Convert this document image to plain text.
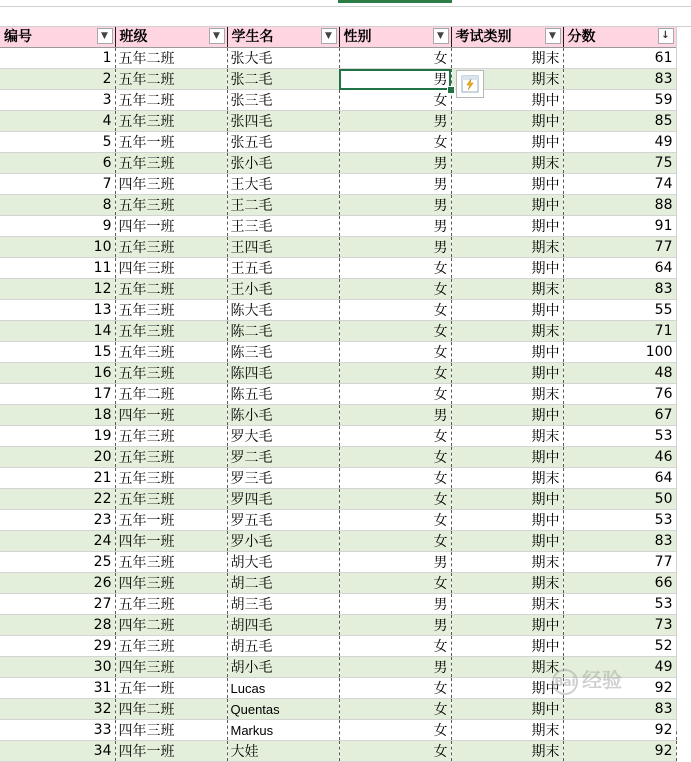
编号 ▼	班级 ▼	学生名 ▼	性别 ▼	考试类别 ▼	分数 ↓

1	五年二班	张大毛	女	期末	61
2	五年二班	张二毛	男	期末	83
3	五年二班	张三毛	女	期中	59
4	五年三班	张四毛	男	期中	85
5	五年一班	张五毛	女	期中	49
6	五年三班	张小毛	男	期末	75
7	四年三班	王大毛	男	期中	74
8	五年三班	王二毛	男	期中	88
9	四年一班	王三毛	男	期中	91
10	五年三班	王四毛	男	期末	77
11	四年三班	王五毛	女	期中	64
12	五年二班	王小毛	女	期末	83
13	五年三班	陈大毛	女	期中	55
14	五年三班	陈二毛	女	期末	71
15	五年三班	陈三毛	女	期中	100
16	五年三班	陈四毛	女	期中	48
17	五年二班	陈五毛	女	期末	76
18	四年一班	陈小毛	男	期中	67
19	五年三班	罗大毛	女	期末	53
20	五年三班	罗二毛	女	期中	46
21	五年三班	罗三毛	女	期末	64
22	五年三班	罗四毛	女	期中	50
23	五年一班	罗五毛	女	期中	53
24	四年一班	罗小毛	女	期中	83
25	五年三班	胡大毛	男	期末	77
26	四年三班	胡二毛	女	期末	66
27	五年三班	胡三毛	男	期末	53
28	四年二班	胡四毛	男	期中	73
29	五年三班	胡五毛	女	期中	52
30	四年三班	胡小毛	男	期末	49
31	五年一班	Lucas	女	期中	92
32	四年二班	Quentas	女	期中	83
33	四年三班	Markus	女	期末	92
34	四年一班	大娃	女	期末	92
Bai 经验
